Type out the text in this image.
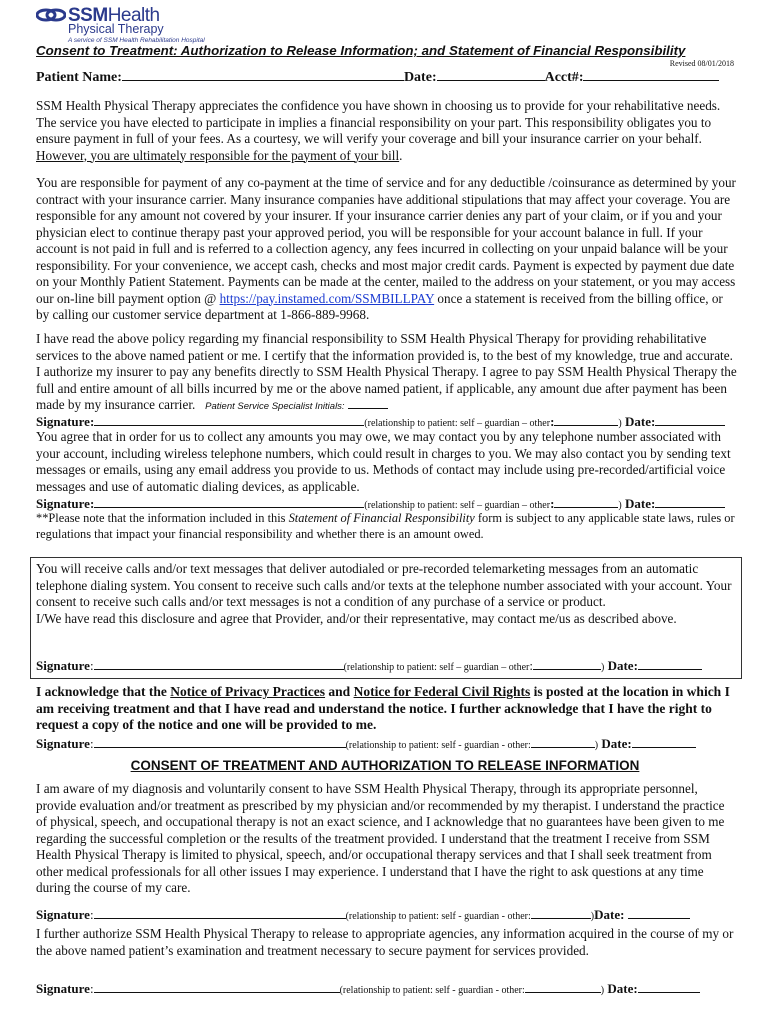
SSMHealth
Physical Therapy
A service of SSM Health Rehabilitation Hospital
Consent to Treatment: Authorization to Release Information; and Statement of Financial Responsibility
Revised 08/01/2018
Patient Name:	Date:	Acct#:

SSM Health Physical Therapy appreciates the confidence you have shown in choosing us to provide for your rehabilitative needs. The service you have elected to participate in implies a financial responsibility on your part. This responsibility obligates you to ensure payment in full of your fees. As a courtesy, we will verify your coverage and bill your insurance carrier on your behalf. However, you are ultimately responsible for the payment of your bill.

You are responsible for payment of any co-payment at the time of service and for any deductible /coinsurance as determined by your contract with your insurance carrier. Many insurance companies have additional stipulations that may affect your coverage. You are responsible for any amount not covered by your insurer. If your insurance carrier denies any part of your claim, or if you and your physician elect to continue therapy past your approved period, you will be responsible for your account balance in full. If your account is not paid in full and is referred to a collection agency, any fees incurred in collecting on your unpaid balance will be your responsibility. For your convenience, we accept cash, checks and most major credit cards. Payment is expected by payment due date on your Monthly Patient Statement. Payments can be made at the center, mailed to the address on your statement, or you may access our on-line bill payment option @ https://pay.instamed.com/SSMBILLPAY once a statement is received from the billing office, or by calling our customer service department at 1-866-889-9968.

I have read the above policy regarding my financial responsibility to SSM Health Physical Therapy for providing rehabilitative services to the above named patient or me. I certify that the information provided is, to the best of my knowledge, true and accurate. I authorize my insurer to pay any benefits directly to SSM Health Physical Therapy. I agree to pay SSM Health Physical Therapy the full and entire amount of all bills incurred by me or the above named patient, if applicable, any amount due after payment has been made by my insurance carrier. Patient Service Specialist Initials:

Signature:	(relationship to patient: self – guardian – other:	) Date:

You agree that in order for us to collect any amounts you may owe, we may contact you by any telephone number associated with your account, including wireless telephone numbers, which could result in charges to you. We may also contact you by sending text messages or emails, using any email address you provide to us. Methods of contact may include using pre-recorded/artificial voice messages and use of automatic dialing devices, as applicable.

Signature:	(relationship to patient: self – guardian – other:	) Date:

**Please note that the information included in this Statement of Financial Responsibility form is subject to any applicable state laws, rules or regulations that impact your financial responsibility and whether there is an amount owed.

You will receive calls and/or text messages that deliver autodialed or pre-recorded telemarketing messages from an automatic telephone dialing system. You consent to receive such calls and/or texts at the telephone number associated with your account. Your consent to receive such calls and/or text messages is not a condition of any purchase of a service or product.

I/We have read this disclosure and agree that Provider, and/or their representative, may contact me/us as described above.

Signature:	(relationship to patient: self – guardian – other:	) Date:
I acknowledge that the Notice of Privacy Practices and Notice for Federal Civil Rights is posted at the location in which I am receiving treatment and that I have read and understand the notice. I further acknowledge that I have the right to request a copy of the notice and one will be provided to me.
Signature:	(relationship to patient: self - guardian - other:	) Date:
CONSENT OF TREATMENT AND AUTHORIZATION TO RELEASE INFORMATION

I am aware of my diagnosis and voluntarily consent to have SSM Health Physical Therapy, through its appropriate personnel, provide evaluation and/or treatment as prescribed by my physician and/or recommended by my therapist. I understand the practice of physical, speech, and occupational therapy is not an exact science, and I acknowledge that no guarantees have been given to me regarding the successful completion or the results of the treatment provided. I understand that the treatment I receive from SSM Health Physical Therapy is limited to physical, speech, and/or occupational therapy services and that I shall seek treatment from other medical professionals for all other issues I may experience. I understand that I have the right to ask questions at any time during the course of my care.

Signature:	(relationship to patient: self - guardian - other:	)Date:

I further authorize SSM Health Physical Therapy to release to appropriate agencies, any information acquired in the course of my or the above named patient’s examination and treatment necessary to secure payment for services provided.

Signature:	(relationship to patient: self - guardian - other:	) Date:
